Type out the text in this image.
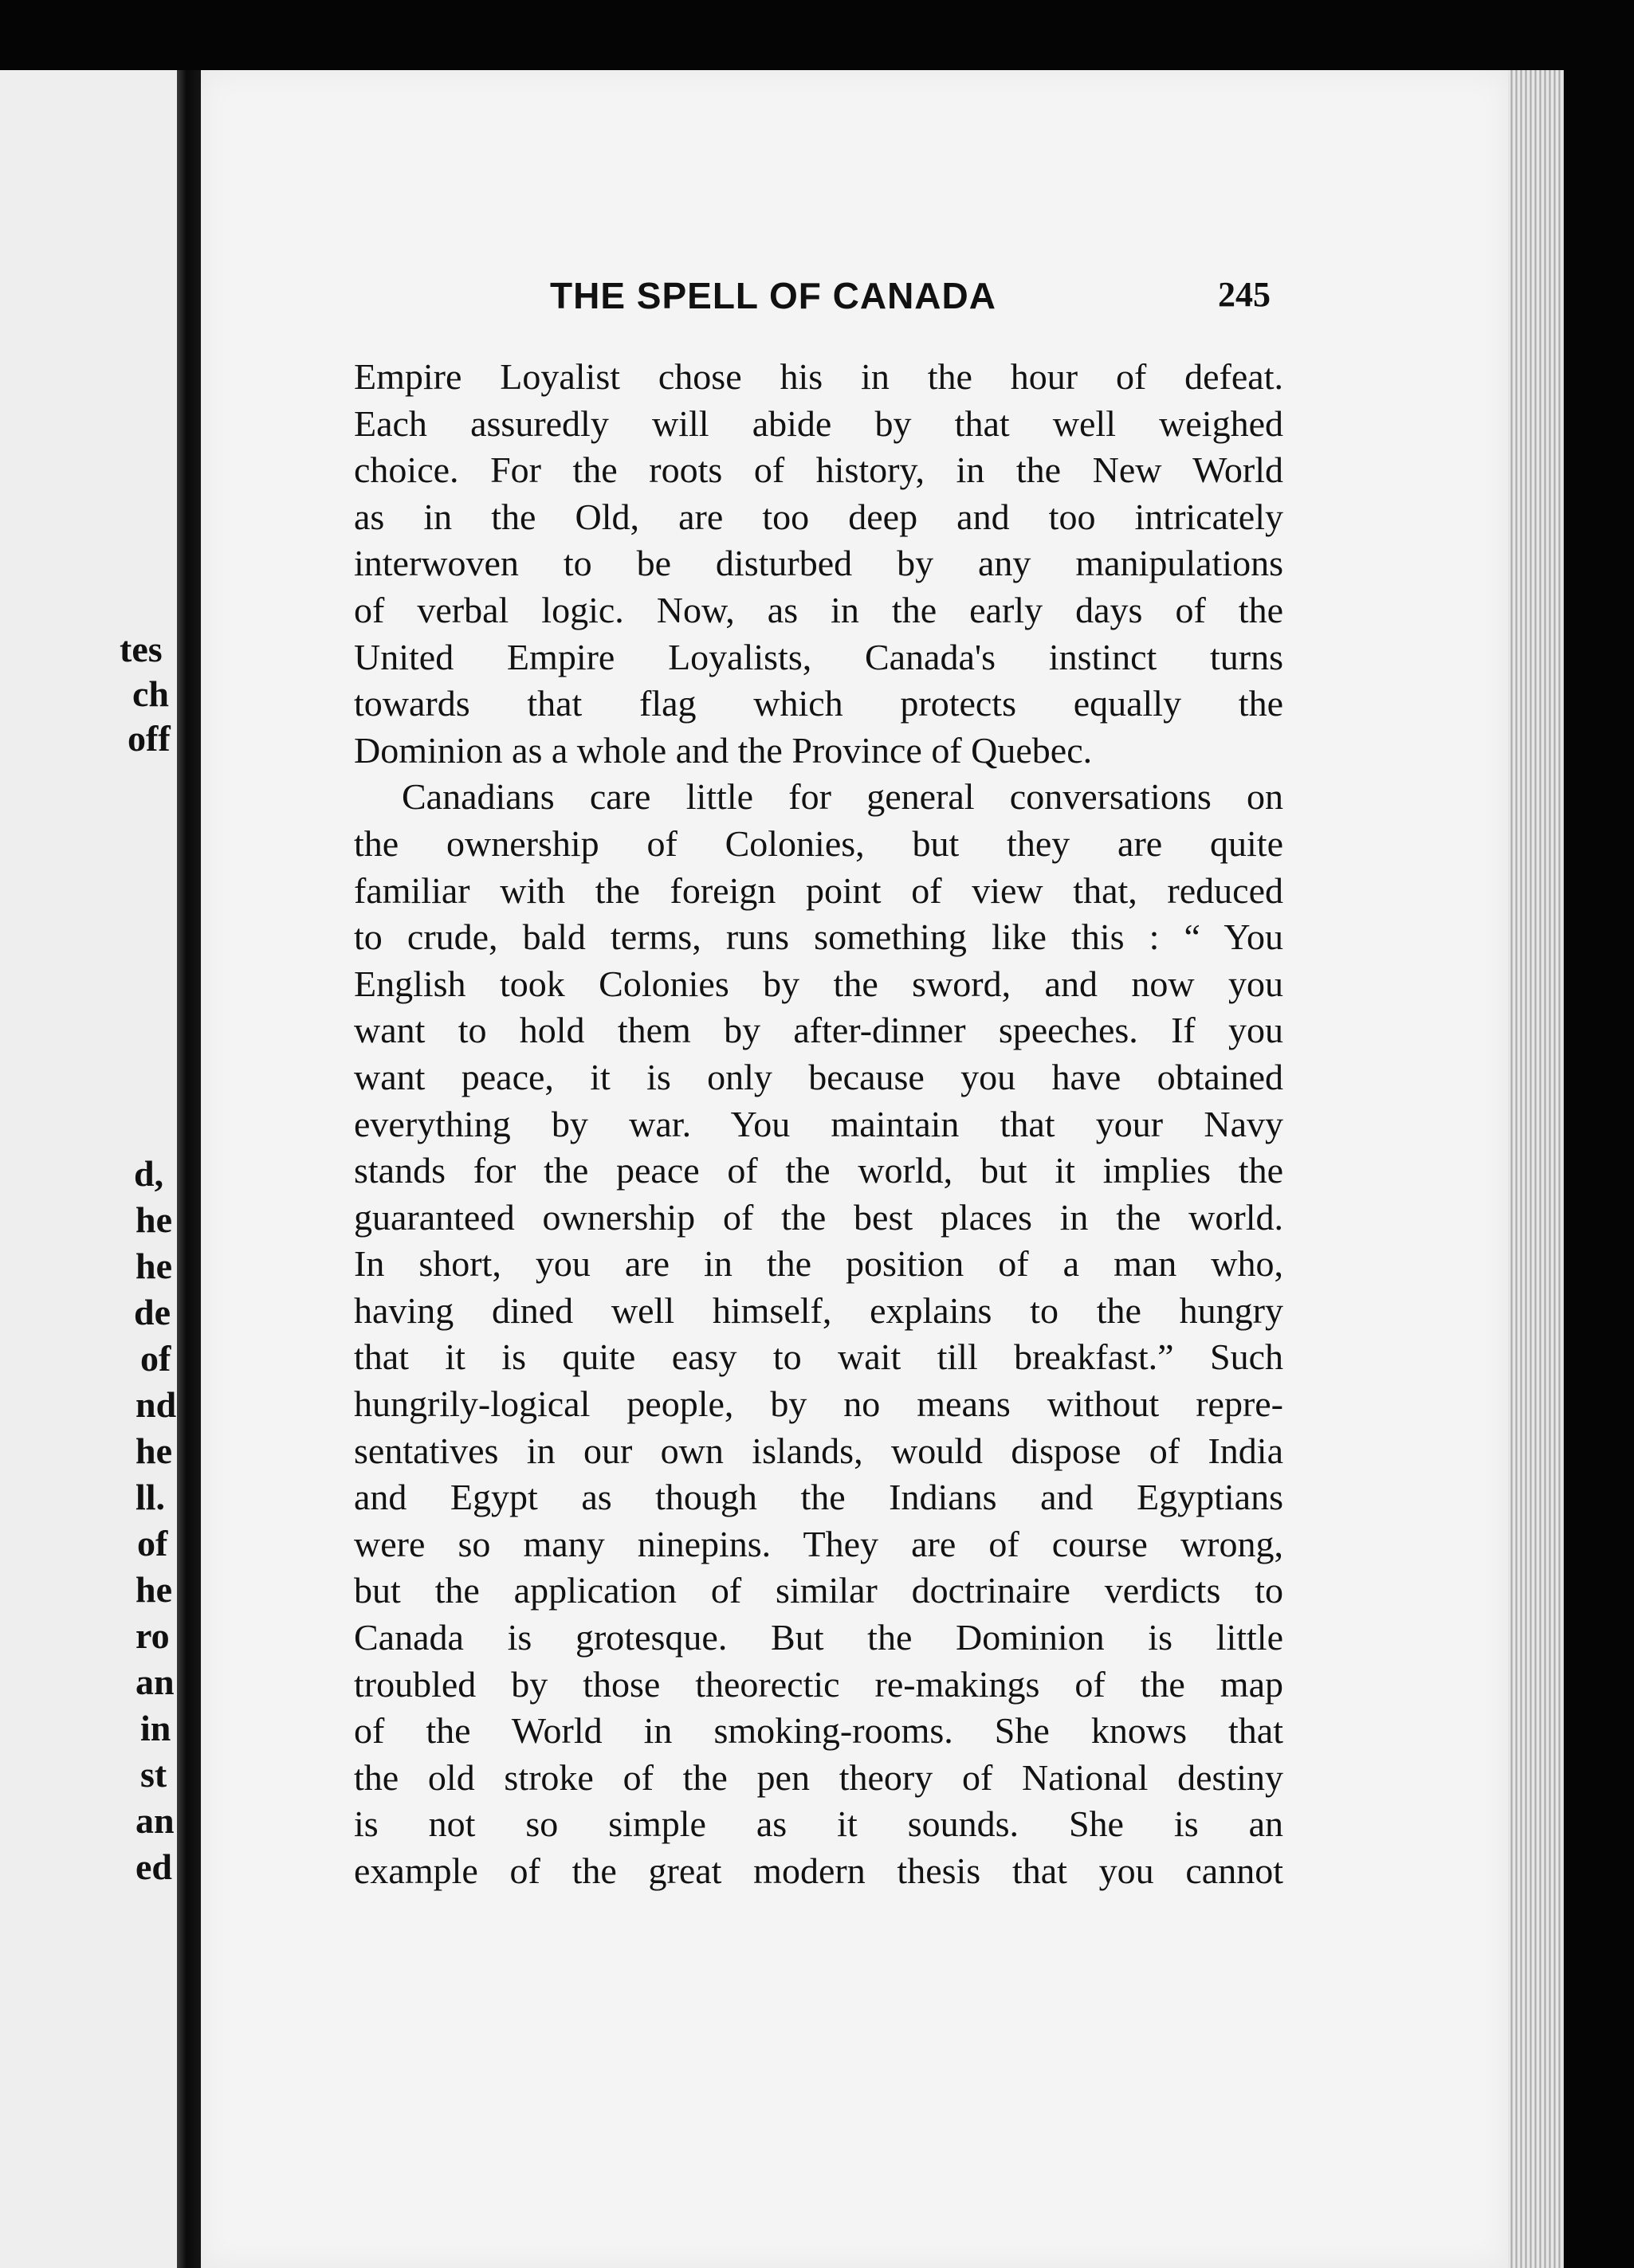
tes
ch
off
d,
he
he
de
of
nd
he
ll.
of
he
ro
an
in
st
an
ed
THE SPELL OF CANADA	245
Empire Loyalist chose his in the hour of defeat.
Each assuredly will abide by that well weighed
choice. For the roots of history, in the New World
as in the Old, are too deep and too intricately
interwoven to be disturbed by any manipulations
of verbal logic. Now, as in the early days of the
United Empire Loyalists, Canada's instinct turns
towards that flag which protects equally the
Dominion as a whole and the Province of Quebec.
Canadians care little for general conversations on
the ownership of Colonies, but they are quite
familiar with the foreign point of view that, reduced
to crude, bald terms, runs something like this : “ You
English took Colonies by the sword, and now you
want to hold them by after-dinner speeches. If you
want peace, it is only because you have obtained
everything by war. You maintain that your Navy
stands for the peace of the world, but it implies the
guaranteed ownership of the best places in the world.
In short, you are in the position of a man who,
having dined well himself, explains to the hungry
that it is quite easy to wait till breakfast.” Such
hungrily-logical people, by no means without repre-
sentatives in our own islands, would dispose of India
and Egypt as though the Indians and Egyptians
were so many ninepins. They are of course wrong,
but the application of similar doctrinaire verdicts to
Canada is grotesque. But the Dominion is little
troubled by those theorectic re-makings of the map
of the World in smoking-rooms. She knows that
the old stroke of the pen theory of National destiny
is not so simple as it sounds. She is an
example of the great modern thesis that you cannot
